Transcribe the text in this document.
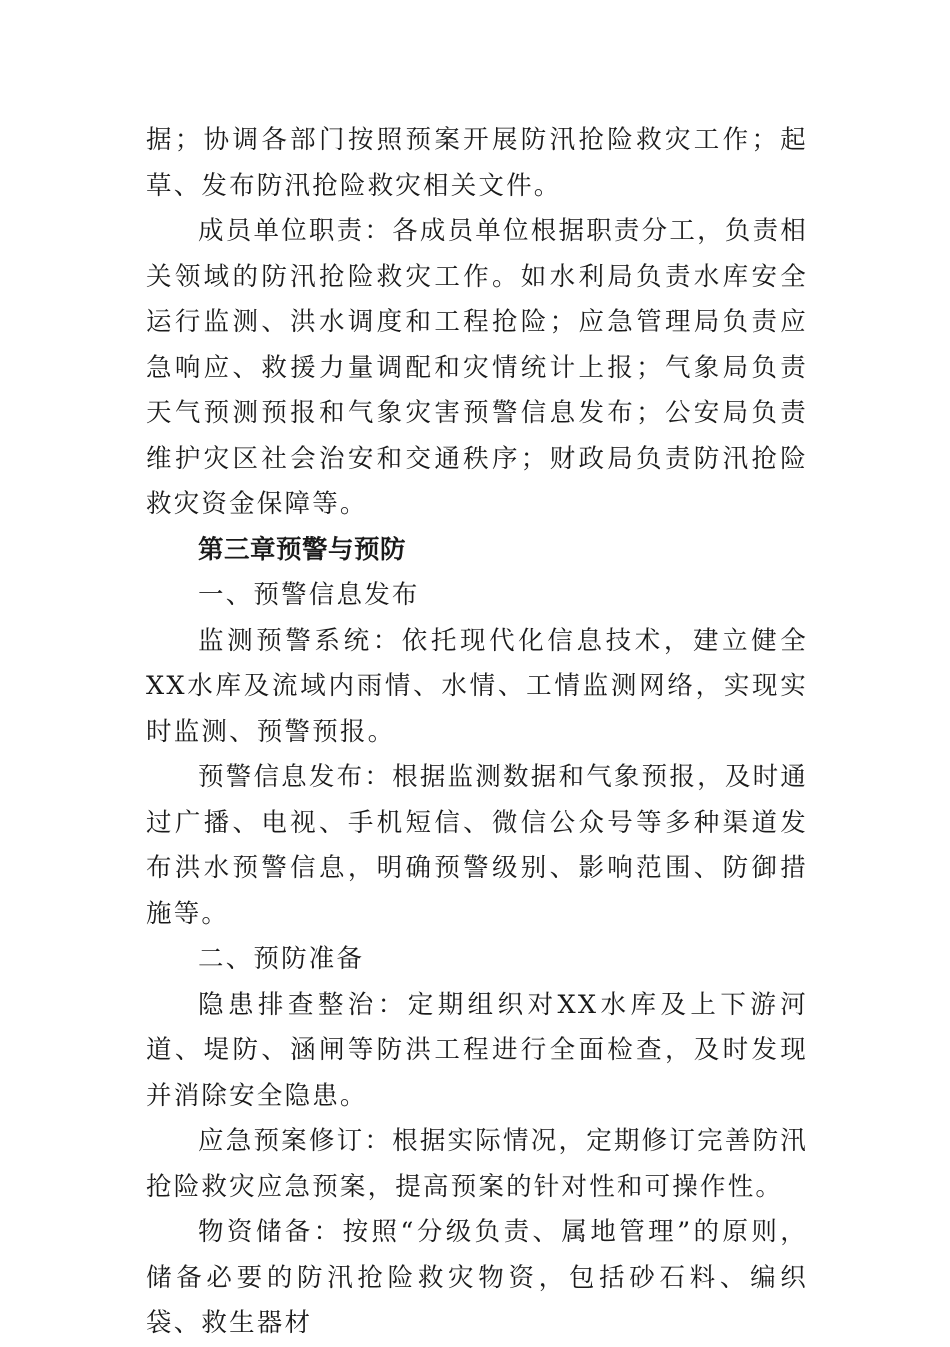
据；协调各部门按照预案开展防汛抢险救灾工作；起草、发布防汛抢险救灾相关文件。

成员单位职责：各成员单位根据职责分工，负责相关领域的防汛抢险救灾工作。如水利局负责水库安全运行监测、洪水调度和工程抢险；应急管理局负责应急响应、救援力量调配和灾情统计上报；气象局负责天气预测预报和气象灾害预警信息发布；公安局负责维护灾区社会治安和交通秩序；财政局负责防汛抢险救灾资金保障等。

第三章预警与预防

一、预警信息发布

监测预警系统：依托现代化信息技术，建立健全XX水库及流域内雨情、水情、工情监测网络，实现实时监测、预警预报。

预警信息发布：根据监测数据和气象预报，及时通过广播、电视、手机短信、微信公众号等多种渠道发布洪水预警信息，明确预警级别、影响范围、防御措施等。

二、预防准备

隐患排查整治：定期组织对XX水库及上下游河道、堤防、涵闸等防洪工程进行全面检查，及时发现并消除安全隐患。

应急预案修订：根据实际情况，定期修订完善防汛抢险救灾应急预案，提高预案的针对性和可操作性。

物资储备：按照“分级负责、属地管理”的原则，储备必要的防汛抢险救灾物资，包括砂石料、编织袋、救生器材
